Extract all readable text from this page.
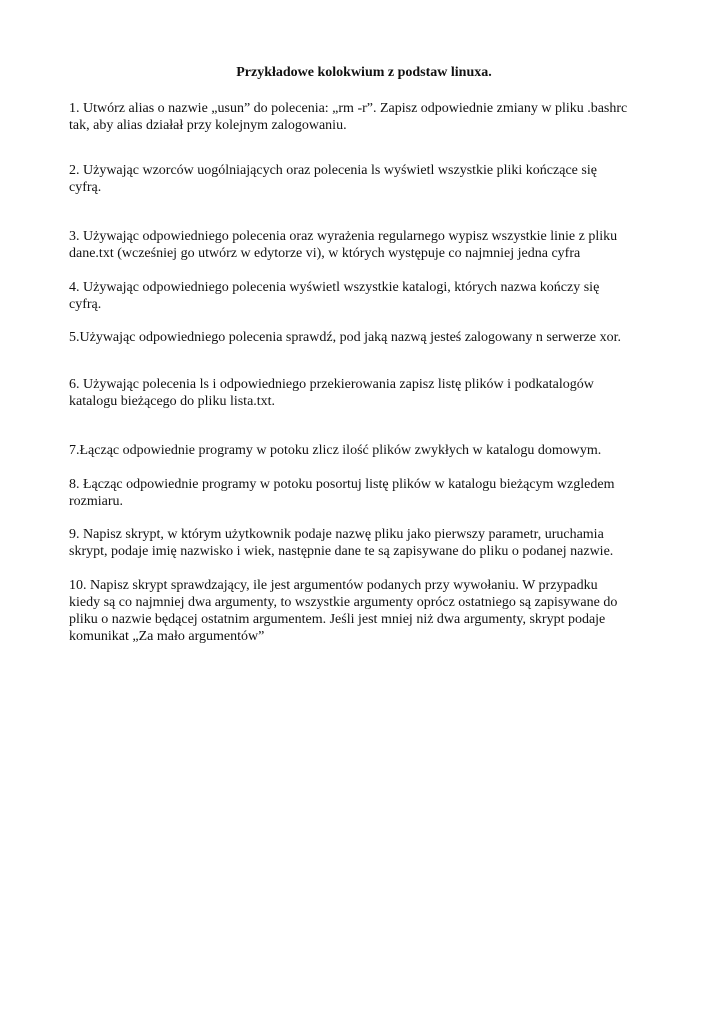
Przykładowe kolokwium z podstaw linuxa.

1. Utwórz alias o nazwie „usun” do polecenia: „rm -r”. Zapisz odpowiednie zmiany w pliku .bashrc
tak, aby alias działał przy kolejnym zalogowaniu.

2. Używając wzorców uogólniających oraz polecenia ls wyświetl wszystkie pliki kończące się
cyfrą.

3. Używając odpowiedniego polecenia oraz wyrażenia regularnego wypisz wszystkie linie z pliku
dane.txt (wcześniej go utwórz w edytorze vi), w których występuje co najmniej jedna cyfra

4. Używając odpowiedniego polecenia wyświetl wszystkie katalogi, których nazwa kończy się
cyfrą.

5.Używając odpowiedniego polecenia sprawdź, pod jaką nazwą jesteś zalogowany n serwerze xor.

6. Używając polecenia ls i odpowiedniego przekierowania zapisz listę plików i podkatalogów
katalogu bieżącego do pliku lista.txt.

7.Łącząc odpowiednie programy w potoku zlicz ilość plików zwykłych w katalogu domowym.

8. Łącząc odpowiednie programy w potoku posortuj listę plików w katalogu bieżącym wzgledem
rozmiaru.

9. Napisz skrypt, w którym użytkownik podaje nazwę pliku jako pierwszy parametr, uruchamia
skrypt, podaje imię nazwisko i wiek, następnie dane te są zapisywane do pliku o podanej nazwie.

10. Napisz skrypt sprawdzający, ile jest argumentów podanych przy wywołaniu. W przypadku
kiedy są co najmniej dwa argumenty, to wszystkie argumenty oprócz ostatniego są zapisywane do
pliku o nazwie będącej ostatnim argumentem. Jeśli jest mniej niż dwa argumenty, skrypt podaje
komunikat „Za mało argumentów”
